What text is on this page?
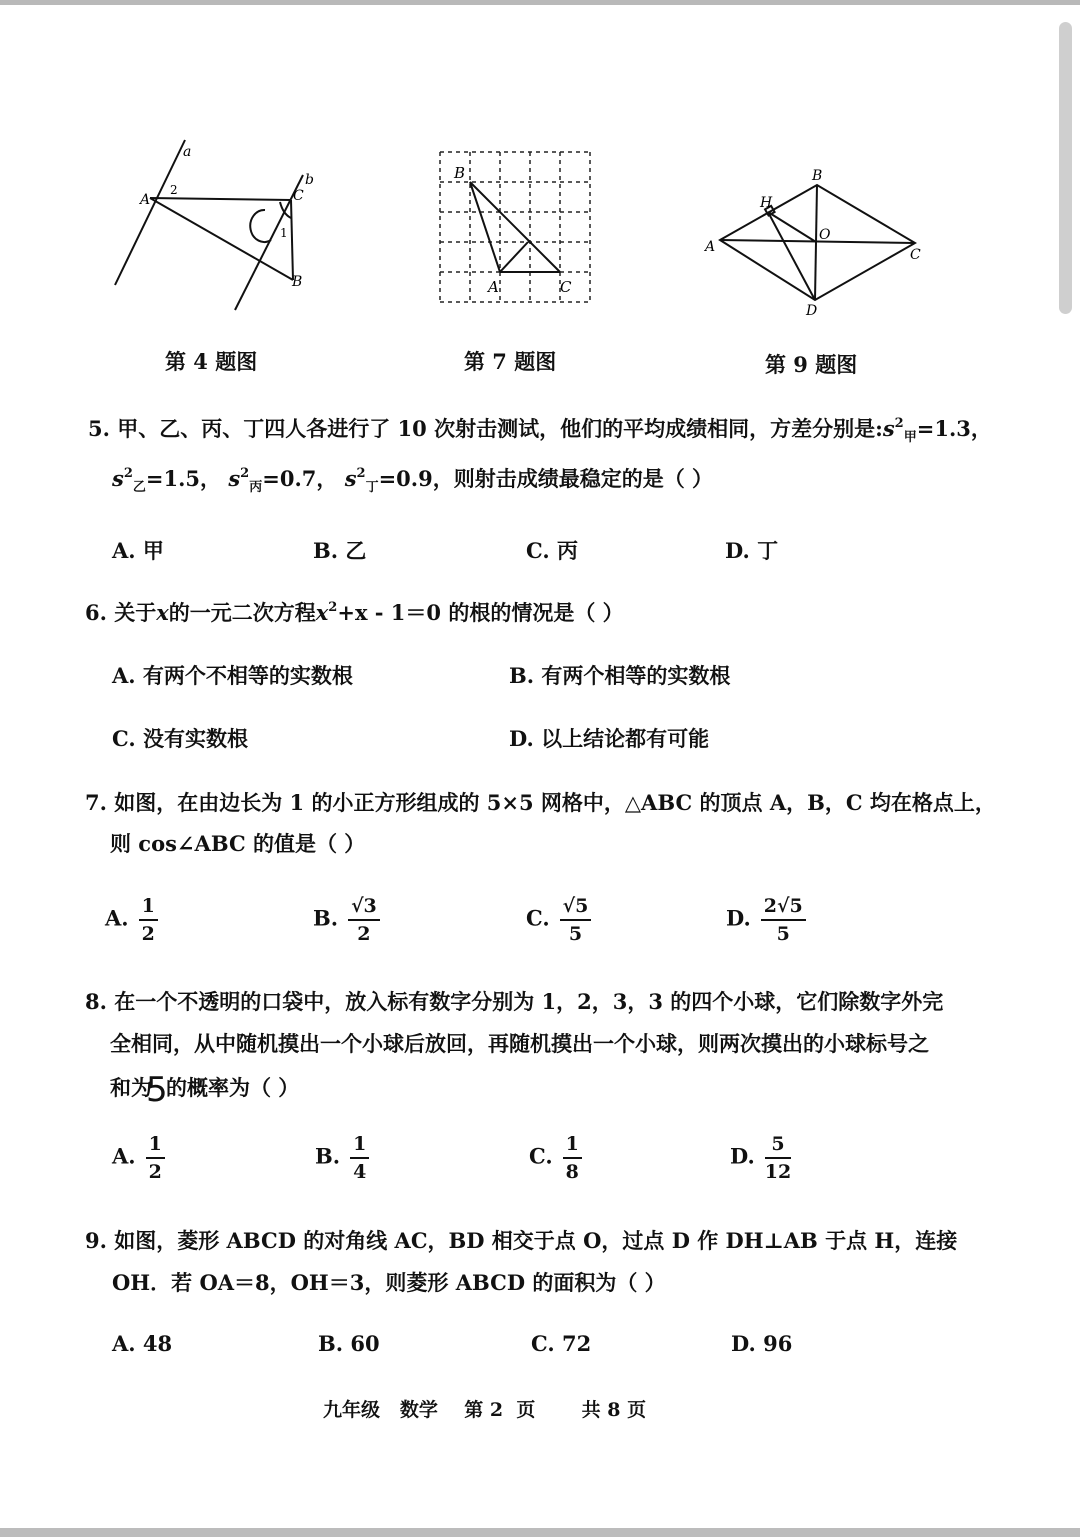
a
b
A	C
B
1
2
第 4 题图
B
A	C
第 7 题图
B
H
A
O
C
D
第 9 题图
5. 甲、乙、丙、丁四人各进行了 10 次射击测试，他们的平均成绩相同，方差分别是$:s^2_甲=1.3$，
$s^2_乙=1.5$， $s^2_丙=0.7$， $s^2_丁=0.9$，则射击成绩最稳定的是（ ）
A. 甲	B. 乙	C. 丙	D. 丁
6. 关于x的一元二次方程$x^2+x - 1=0$ 的根的情况是（ ）
A. 有两个不相等的实数根	B. 有两个相等的实数根
C. 没有实数根	D. 以上结论都有可能
7. 如图，在由边长为 1 的小正方形组成的 5×5 网格中，△ABC 的顶点 A，B，C 均在格点上，
则 cos∠ABC 的值是（ ）
A. $\frac{1}{2}$	B. $\frac{√3}{2}$	C. $\frac{√5}{5}$	D. $\frac{2√5}{5}$
8. 在一个不透明的口袋中，放入标有数字分别为 1，2，3，3 的四个小球，它们除数字外完
全相同，从中随机摸出一个小球后放回，再随机摸出一个小球，则两次摸出的小球标号之
和为5的概率为（ ）
A. $\frac{1}{2}$	B. $\frac{1}{4}$	C. $\frac{1}{8}$	D. $\frac{5}{12}$
9. 如图，菱形 ABCD 的对角线 AC，BD 相交于点 O，过点 D 作 DH⊥AB 于点 H，连接
OH．若 OA＝8，OH＝3，则菱形 ABCD 的面积为（ ）
A. 48	B. 60	C. 72	D. 96
九年级   数学    第 2  页       共 8 页
